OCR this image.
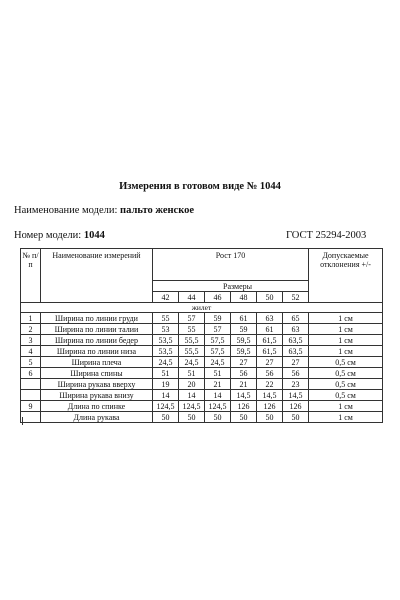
Измерения в готовом виде № 1044
Наименование модели: пальто женское
Номер модели: 1044	ГОСТ 25294-2003
№ п/п	Наименование измерений	Рост 170						Допускаемые отклонения +/-
		Размеры						
		42	44	46	48	50	52	
жилет								
1	Ширина по линии груди	55	57	59	61	63	65	1 см
2	Ширина по линии талии	53	55	57	59	61	63	1 см
3	Ширина по линии бедер	53,5	55,5	57,5	59,5	61,5	63,5	1 см
4	Ширина по линии низа	53,5	55,5	57,5	59,5	61,5	63,5	1 см
5	Ширина плеча	24,5	24,5	24,5	27	27	27	0,5 см
6	Ширина спины	51	51	51	56	56	56	0,5 см
	Ширина рукава вверху	19	20	21	21	22	23	0,5 см
	Ширина рукава внизу	14	14	14	14,5	14,5	14,5	0,5 см
9	Длина по спинке	124,5	124,5	124,5	126	126	126	1 см
	Длина рукава	50	50	50	50	50	50	1 см
